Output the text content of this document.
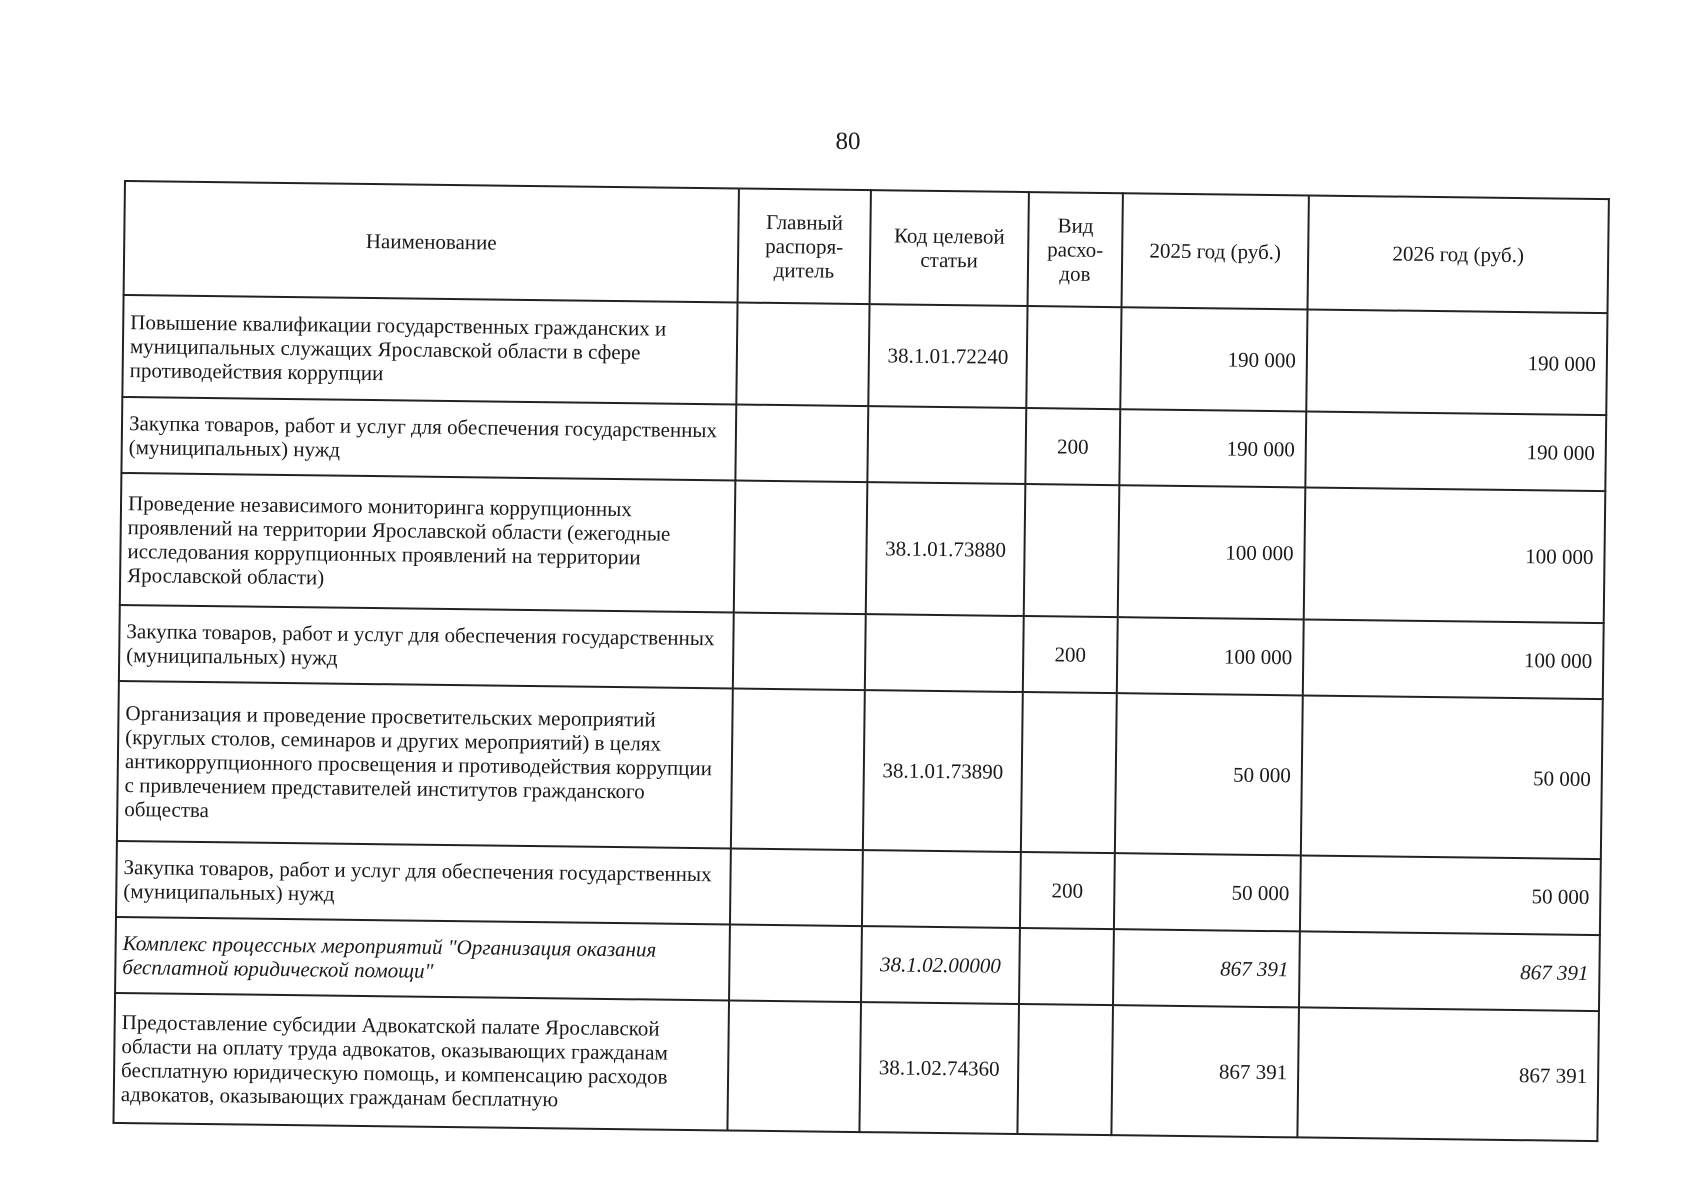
80
Наименование	Главный распоря-дитель	Код целевой статьи	Вид расхо-дов	2025 год (руб.)	2026 год (руб.)
Повышение квалификации государственных гражданских и муниципальных служащих Ярославской области в сфере противодействия коррупции		38.1.01.72240		190 000	190 000
Закупка товаров, работ и услуг для обеспечения государственных (муниципальных) нужд			200	190 000	190 000
Проведение независимого мониторинга коррупционных проявлений на территории Ярославской области (ежегодные исследования коррупционных проявлений на территории Ярославской области)		38.1.01.73880		100 000	100 000
Закупка товаров, работ и услуг для обеспечения государственных (муниципальных) нужд			200	100 000	100 000
Организация и проведение просветительских мероприятий (круглых столов, семинаров и других мероприятий) в целях антикоррупционного просвещения и противодействия коррупции с привлечением представителей институтов гражданского общества		38.1.01.73890		50 000	50 000
Закупка товаров, работ и услуг для обеспечения государственных (муниципальных) нужд			200	50 000	50 000
Комплекс процессных мероприятий "Организация оказания бесплатной юридической помощи"		38.1.02.00000		867 391	867 391
Предоставление субсидии Адвокатской палате Ярославской области на оплату труда адвокатов, оказывающих гражданам бесплатную юридическую помощь, и компенсацию расходов адвокатов, оказывающих гражданам бесплатную		38.1.02.74360		867 391	867 391
